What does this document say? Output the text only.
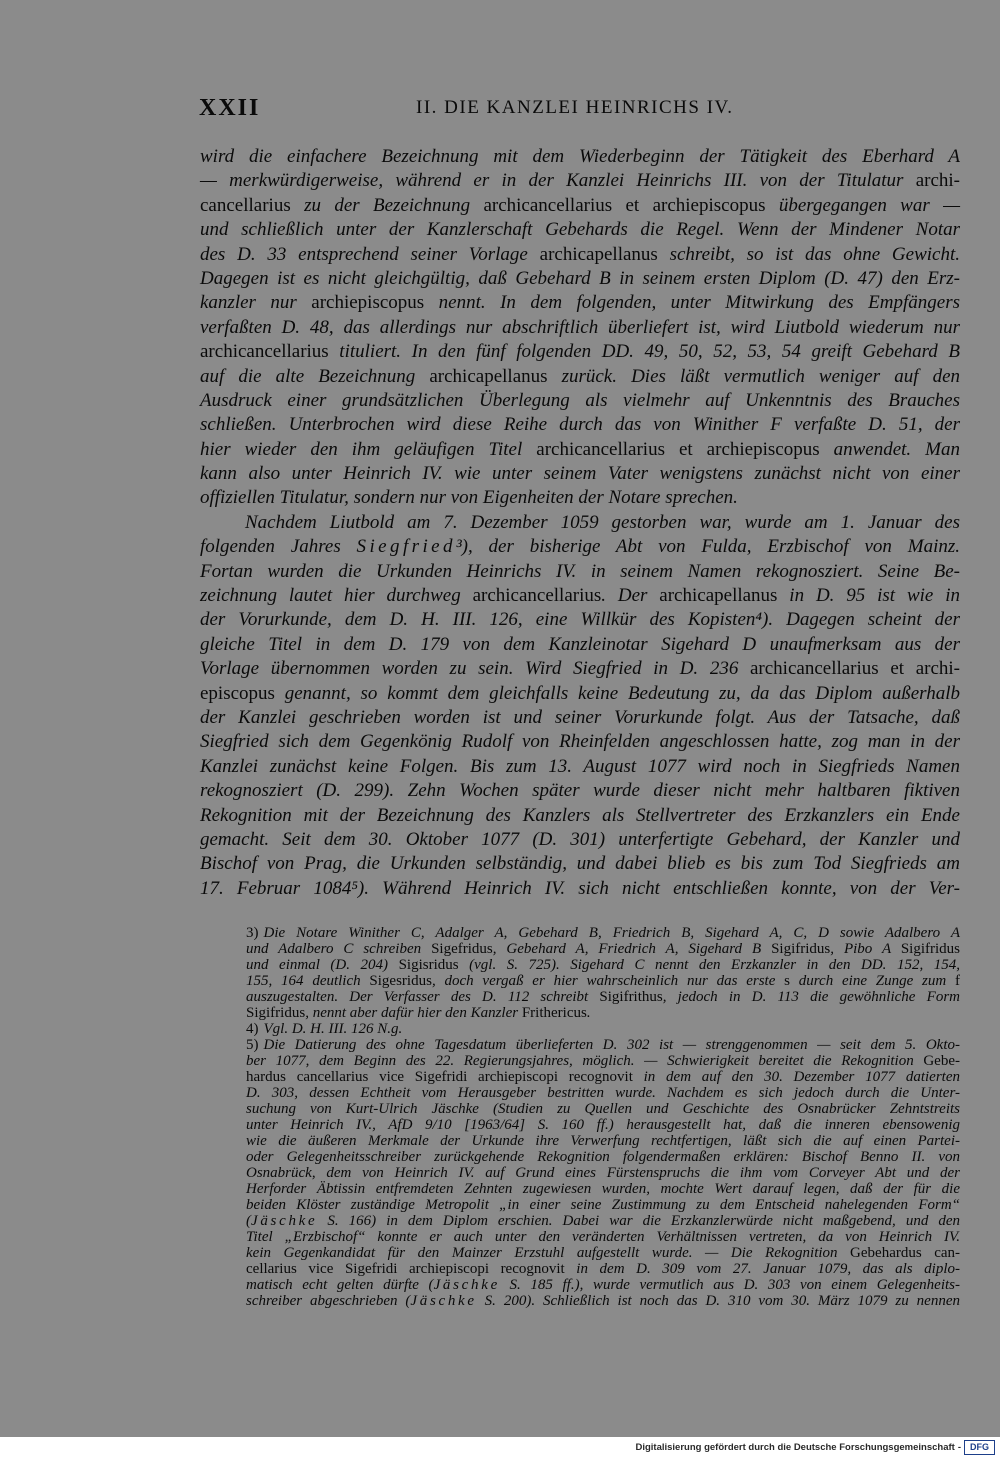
XXII	II. DIE KANZLEI HEINRICHS IV.
wird die einfachere Bezeichnung mit dem Wiederbeginn der Tätigkeit des Eberhard A
— merkwürdigerweise, während er in der Kanzlei Heinrichs III. von der Titulatur archi-
cancellarius zu der Bezeichnung archicancellarius et archiepiscopus übergegangen war —
und schließlich unter der Kanzlerschaft Gebehards die Regel. Wenn der Mindener Notar
des D. 33 entsprechend seiner Vorlage archicapellanus schreibt, so ist das ohne Gewicht.
Dagegen ist es nicht gleichgültig, daß Gebehard B in seinem ersten Diplom (D. 47) den Erz-
kanzler nur archiepiscopus nennt. In dem folgenden, unter Mitwirkung des Empfängers
verfaßten D. 48, das allerdings nur abschriftlich überliefert ist, wird Liutbold wiederum nur
archicancellarius tituliert. In den fünf folgenden DD. 49, 50, 52, 53, 54 greift Gebehard B
auf die alte Bezeichnung archicapellanus zurück. Dies läßt vermutlich weniger auf den
Ausdruck einer grundsätzlichen Überlegung als vielmehr auf Unkenntnis des Brauches
schließen. Unterbrochen wird diese Reihe durch das von Winither F verfaßte D. 51, der
hier wieder den ihm geläufigen Titel archicancellarius et archiepiscopus anwendet. Man
kann also unter Heinrich IV. wie unter seinem Vater wenigstens zunächst nicht von einer
offiziellen Titulatur, sondern nur von Eigenheiten der Notare sprechen.
Nachdem Liutbold am 7. Dezember 1059 gestorben war, wurde am 1. Januar des
folgenden Jahres Siegfried³), der bisherige Abt von Fulda, Erzbischof von Mainz.
Fortan wurden die Urkunden Heinrichs IV. in seinem Namen rekognosziert. Seine Be-
zeichnung lautet hier durchweg archicancellarius. Der archicapellanus in D. 95 ist wie in
der Vorurkunde, dem D. H. III. 126, eine Willkür des Kopisten⁴). Dagegen scheint der
gleiche Titel in dem D. 179 von dem Kanzleinotar Sigehard D unaufmerksam aus der
Vorlage übernommen worden zu sein. Wird Siegfried in D. 236 archicancellarius et archi-
episcopus genannt, so kommt dem gleichfalls keine Bedeutung zu, da das Diplom außerhalb
der Kanzlei geschrieben worden ist und seiner Vorurkunde folgt. Aus der Tatsache, daß
Siegfried sich dem Gegenkönig Rudolf von Rheinfelden angeschlossen hatte, zog man in der
Kanzlei zunächst keine Folgen. Bis zum 13. August 1077 wird noch in Siegfrieds Namen
rekognosziert (D. 299). Zehn Wochen später wurde dieser nicht mehr haltbaren fiktiven
Rekognition mit der Bezeichnung des Kanzlers als Stellvertreter des Erzkanzlers ein Ende
gemacht. Seit dem 30. Oktober 1077 (D. 301) unterfertigte Gebehard, der Kanzler und
Bischof von Prag, die Urkunden selbständig, und dabei blieb es bis zum Tod Siegfrieds am
17. Februar 1084⁵). Während Heinrich IV. sich nicht entschließen konnte, von der Ver-
3) Die Notare Winither C, Adalger A, Gebehard B, Friedrich B, Sigehard A, C, D sowie Adalbero A
und Adalbero C schreiben Sigefridus, Gebehard A, Friedrich A, Sigehard B Sigifridus, Pibo A Sigifridus
und einmal (D. 204) Sigisridus (vgl. S. 725). Sigehard C nennt den Erzkanzler in den DD. 152, 154,
155, 164 deutlich Sigesridus, doch vergaß er hier wahrscheinlich nur das erste s durch eine Zunge zum f
auszugestalten. Der Verfasser des D. 112 schreibt Sigifrithus, jedoch in D. 113 die gewöhnliche Form
Sigifridus, nennt aber dafür hier den Kanzler Frithericus.
4) Vgl. D. H. III. 126 N.g.
5) Die Datierung des ohne Tagesdatum überlieferten D. 302 ist — strenggenommen — seit dem 5. Okto-
ber 1077, dem Beginn des 22. Regierungsjahres, möglich. — Schwierigkeit bereitet die Rekognition Gebe-
hardus cancellarius vice Sigefridi archiepiscopi recognovit in dem auf den 30. Dezember 1077 datierten
D. 303, dessen Echtheit vom Herausgeber bestritten wurde. Nachdem es sich jedoch durch die Unter-
suchung von Kurt-Ulrich Jäschke (Studien zu Quellen und Geschichte des Osnabrücker Zehntstreits
unter Heinrich IV., AfD 9/10 [1963/64] S. 160 ff.) herausgestellt hat, daß die inneren ebensowenig
wie die äußeren Merkmale der Urkunde ihre Verwerfung rechtfertigen, läßt sich die auf einen Partei-
oder Gelegenheitsschreiber zurückgehende Rekognition folgendermaßen erklären: Bischof Benno II. von
Osnabrück, dem von Heinrich IV. auf Grund eines Fürstenspruchs die ihm vom Corveyer Abt und der
Herforder Äbtissin entfremdeten Zehnten zugewiesen wurden, mochte Wert darauf legen, daß der für die
beiden Klöster zuständige Metropolit „in einer seine Zustimmung zu dem Entscheid nahelegenden Form“
(Jäschke S. 166) in dem Diplom erschien. Dabei war die Erzkanzlerwürde nicht maßgebend, und den
Titel „Erzbischof“ konnte er auch unter den veränderten Verhältnissen vertreten, da von Heinrich IV.
kein Gegenkandidat für den Mainzer Erzstuhl aufgestellt wurde. — Die Rekognition Gebehardus can-
cellarius vice Sigefridi archiepiscopi recognovit in dem D. 309 vom 27. Januar 1079, das als diplo-
matisch echt gelten dürfte (Jäschke S. 185 ff.), wurde vermutlich aus D. 303 von einem Gelegenheits-
schreiber abgeschrieben (Jäschke S. 200). Schließlich ist noch das D. 310 vom 30. März 1079 zu nennen
Digitalisierung gefördert durch die Deutsche Forschungsgemeinschaft -	DFG
